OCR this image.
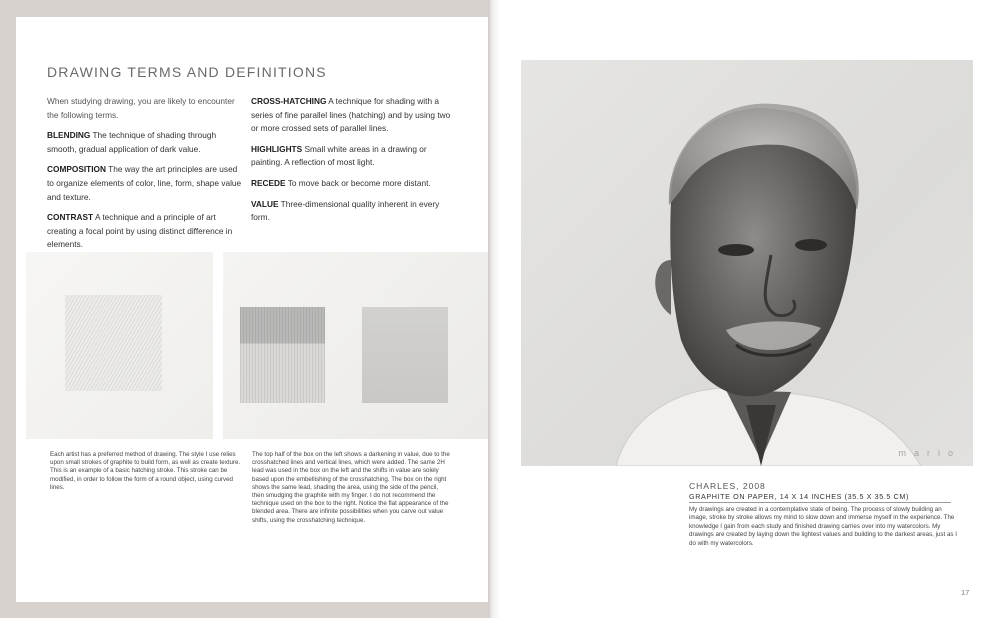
DRAWING TERMS AND DEFINITIONS

When studying drawing, you are likely to encounter the following terms.

BLENDING The technique of shading through smooth, gradual application of dark value.

COMPOSITION The way the art principles are used to organize elements of color, line, form, shape value and texture.

CONTRAST A technique and a principle of art creating a focal point by using distinct difference in elements.

CROSS-HATCHING A technique for shading with a series of fine parallel lines (hatching) and by using two or more crossed sets of parallel lines.

HIGHLIGHTS Small white areas in a drawing or painting. A reflection of most light.

RECEDE To move back or become more distant.

VALUE Three-dimensional quality inherent in every form.

Each artist has a preferred method of drawing. The style I use relies upon small strokes of graphite to build form, as well as create texture. This is an example of a basic hatching stroke. This stroke can be modified, in order to follow the form of a round object, using curved lines.

The top half of the box on the left shows a darkening in value, due to the crosshatched lines and vertical lines, which were added. The same 2H lead was used in the box on the left and the shifts in value are solely based upon the embellishing of the crosshatching. The box on the right shows the same lead, shading the area, using the side of the pencil, then smudging the graphite with my finger. I do not recommend the technique used on the box to the right. Notice the flat appearance of the blended area. There are infinite possibilities when you carve out value shifts, using the crosshatching technique.

mario

CHARLES, 2008

GRAPHITE ON PAPER, 14 X 14 INCHES (35.5 X 35.5 CM)

My drawings are created in a contemplative state of being. The process of slowly building an image, stroke by stroke allows my mind to slow down and immerse myself in the experience. The knowledge I gain from each study and finished drawing carries over into my watercolors. My drawings are created by laying down the lightest values and building to the darkest areas, just as I do with my watercolors.

17
